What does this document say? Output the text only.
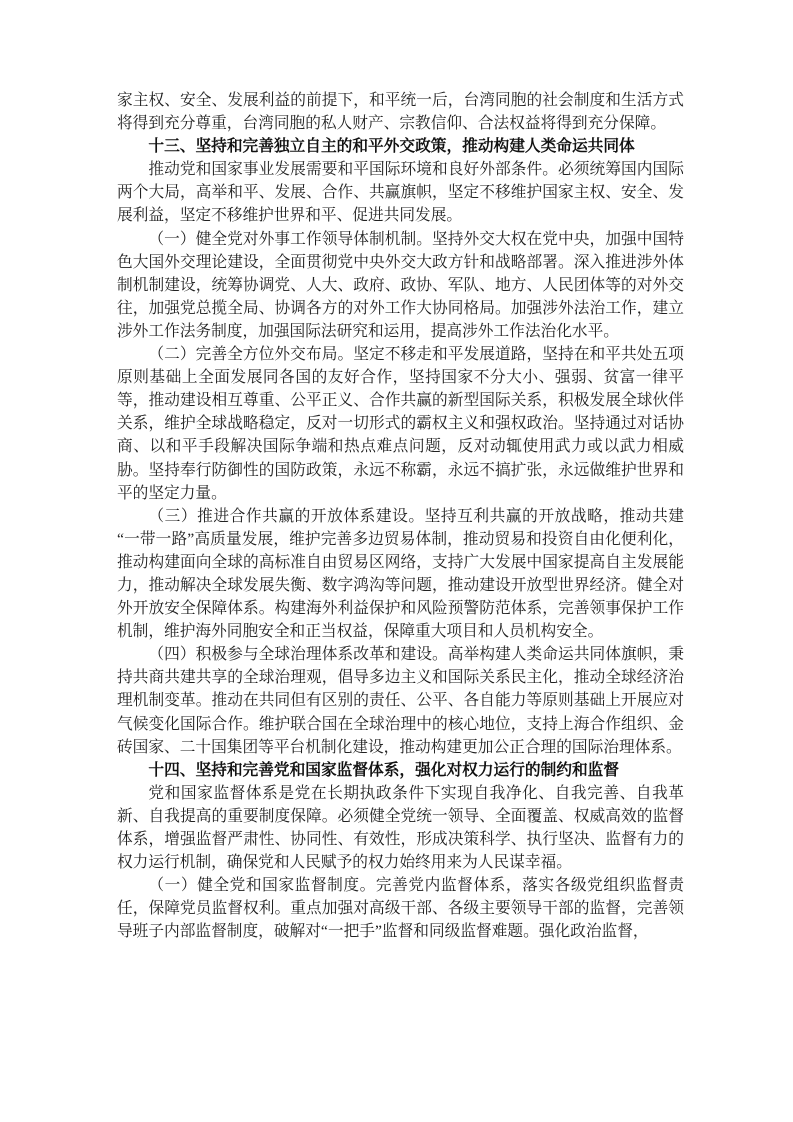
家主权、安全、发展利益的前提下，和平统一后，台湾同胞的社会制度和生活方式将得到充分尊重，台湾同胞的私人财产、宗教信仰、合法权益将得到充分保障。

十三、坚持和完善独立自主的和平外交政策，推动构建人类命运共同体

推动党和国家事业发展需要和平国际环境和良好外部条件。必须统筹国内国际两个大局，高举和平、发展、合作、共赢旗帜，坚定不移维护国家主权、安全、发展利益，坚定不移维护世界和平、促进共同发展。

（一）健全党对外事工作领导体制机制。坚持外交大权在党中央，加强中国特色大国外交理论建设，全面贯彻党中央外交大政方针和战略部署。深入推进涉外体制机制建设，统筹协调党、人大、政府、政协、军队、地方、人民团体等的对外交往，加强党总揽全局、协调各方的对外工作大协同格局。加强涉外法治工作，建立涉外工作法务制度，加强国际法研究和运用，提高涉外工作法治化水平。

（二）完善全方位外交布局。坚定不移走和平发展道路，坚持在和平共处五项原则基础上全面发展同各国的友好合作，坚持国家不分大小、强弱、贫富一律平等，推动建设相互尊重、公平正义、合作共赢的新型国际关系，积极发展全球伙伴关系，维护全球战略稳定，反对一切形式的霸权主义和强权政治。坚持通过对话协商、以和平手段解决国际争端和热点难点问题，反对动辄使用武力或以武力相威胁。坚持奉行防御性的国防政策，永远不称霸，永远不搞扩张，永远做维护世界和平的坚定力量。

（三）推进合作共赢的开放体系建设。坚持互利共赢的开放战略，推动共建“一带一路”高质量发展，维护完善多边贸易体制，推动贸易和投资自由化便利化，推动构建面向全球的高标准自由贸易区网络，支持广大发展中国家提高自主发展能力，推动解决全球发展失衡、数字鸿沟等问题，推动建设开放型世界经济。健全对外开放安全保障体系。构建海外利益保护和风险预警防范体系，完善领事保护工作机制，维护海外同胞安全和正当权益，保障重大项目和人员机构安全。

（四）积极参与全球治理体系改革和建设。高举构建人类命运共同体旗帜，秉持共商共建共享的全球治理观，倡导多边主义和国际关系民主化，推动全球经济治理机制变革。推动在共同但有区别的责任、公平、各自能力等原则基础上开展应对气候变化国际合作。维护联合国在全球治理中的核心地位，支持上海合作组织、金砖国家、二十国集团等平台机制化建设，推动构建更加公正合理的国际治理体系。

十四、坚持和完善党和国家监督体系，强化对权力运行的制约和监督

党和国家监督体系是党在长期执政条件下实现自我净化、自我完善、自我革新、自我提高的重要制度保障。必须健全党统一领导、全面覆盖、权威高效的监督体系，增强监督严肃性、协同性、有效性，形成决策科学、执行坚决、监督有力的权力运行机制，确保党和人民赋予的权力始终用来为人民谋幸福。

（一）健全党和国家监督制度。完善党内监督体系，落实各级党组织监督责任，保障党员监督权利。重点加强对高级干部、各级主要领导干部的监督，完善领导班子内部监督制度，破解对“一把手”监督和同级监督难题。强化政治监督，
